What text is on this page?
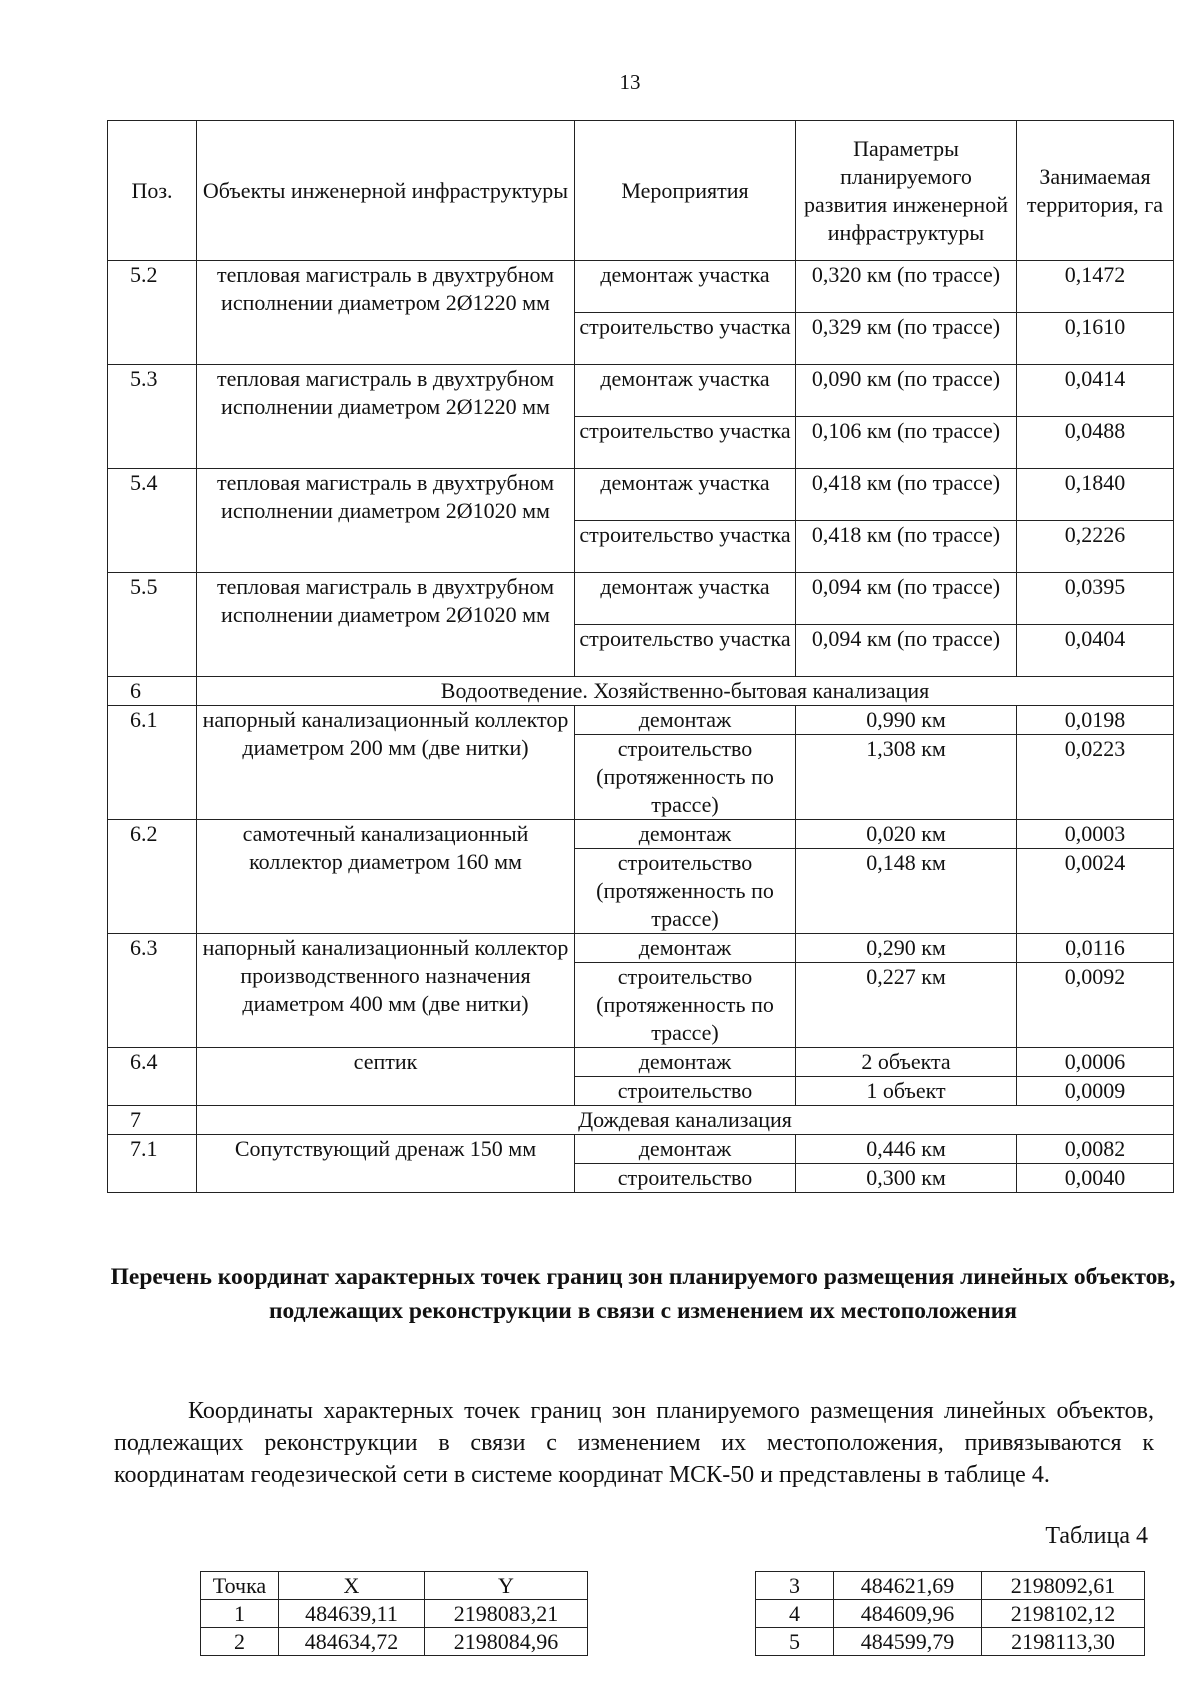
13
Поз.	Объекты инженерной инфраструктуры	Мероприятия	Параметры планируемого развития инженерной инфраструктуры	Занимаемая территория, га
5.2	тепловая магистраль в двухтрубном исполнении диаметром 2Ø1220 мм	демонтаж участка	0,320 км (по трассе)	0,1472
		строительство участка	0,329 км (по трассе)	0,1610
5.3	тепловая магистраль в двухтрубном исполнении диаметром 2Ø1220 мм	демонтаж участка	0,090 км (по трассе)	0,0414
		строительство участка	0,106 км (по трассе)	0,0488
5.4	тепловая магистраль в двухтрубном исполнении диаметром 2Ø1020 мм	демонтаж участка	0,418 км (по трассе)	0,1840
		строительство участка	0,418 км (по трассе)	0,2226
5.5	тепловая магистраль в двухтрубном исполнении диаметром 2Ø1020 мм	демонтаж участка	0,094 км (по трассе)	0,0395
		строительство участка	0,094 км (по трассе)	0,0404
6	Водоотведение. Хозяйственно-бытовая канализация			
6.1	напорный канализационный коллектор диаметром 200 мм (две нитки)	демонтаж	0,990 км	0,0198
		строительство (протяженность по трассе)	1,308 км	0,0223
6.2	самотечный канализационный коллектор диаметром 160 мм	демонтаж	0,020 км	0,0003
		строительство (протяженность по трассе)	0,148 км	0,0024
6.3	напорный канализационный коллектор производственного назначения диаметром 400 мм (две нитки)	демонтаж	0,290 км	0,0116
		строительство (протяженность по трассе)	0,227 км	0,0092
6.4	септик	демонтаж	2 объекта	0,0006
		строительство	1 объект	0,0009
7	Дождевая канализация			
7.1	Сопутствующий дренаж 150 мм	демонтаж	0,446 км	0,0082
		строительство	0,300 км	0,0040
Перечень координат характерных точек границ зон планируемого размещения линейных объектов, подлежащих реконструкции в связи с изменением их местоположения
Координаты характерных точек границ зон планируемого размещения линейных объектов, подлежащих реконструкции в связи с изменением их местоположения, привязываются к координатам геодезической сети в системе координат МСК-50 и представлены в таблице 4.
Таблица 4
Точка	X	Y
1	484639,11	2198083,21
2	484634,72	2198084,96
3	484621,69	2198092,61
4	484609,96	2198102,12
5	484599,79	2198113,30
